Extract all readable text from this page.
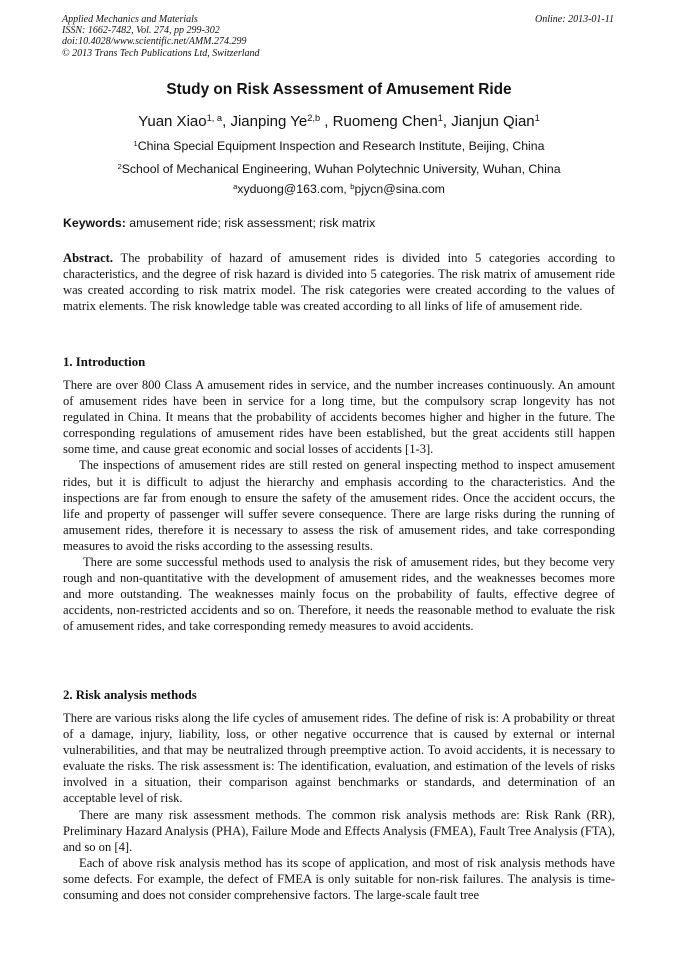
Applied Mechanics and Materials
ISSN: 1662-7482, Vol. 274, pp 299-302
doi:10.4028/www.scientific.net/AMM.274.299
© 2013 Trans Tech Publications Ltd, Switzerland
Online: 2013-01-11
Study on Risk Assessment of Amusement Ride
Yuan Xiao$^{1, a}$, Jianping Ye$^{2,b}$ , Ruomeng Chen$^1$, Jianjun Qian$^1$
$^1$China Special Equipment Inspection and Research Institute, Beijing, China
$^2$School of Mechanical Engineering, Wuhan Polytechnic University, Wuhan, China
$^a$xyduong@163.com, $^b$pjycn@sina.com
Keywords: amusement ride; risk assessment; risk matrix

Abstract. The probability of hazard of amusement rides is divided into 5 categories according to characteristics, and the degree of risk hazard is divided into 5 categories. The risk matrix of amusement ride was created according to risk matrix model. The risk categories were created according to the values of matrix elements. The risk knowledge table was created according to all links of life of amusement ride.

1. Introduction

There are over 800 Class A amusement rides in service, and the number increases continuously. An amount of amusement rides have been in service for a long time, but the compulsory scrap longevity has not regulated in China. It means that the probability of accidents becomes higher and higher in the future. The corresponding regulations of amusement rides have been established, but the great accidents still happen some time, and cause great economic and social losses of accidents [1-3].

The inspections of amusement rides are still rested on general inspecting method to inspect amusement rides, but it is difficult to adjust the hierarchy and emphasis according to the characteristics. And the inspections are far from enough to ensure the safety of the amusement rides. Once the accident occurs, the life and property of passenger will suffer severe consequence. There are large risks during the running of amusement rides, therefore it is necessary to assess the risk of amusement rides, and take corresponding measures to avoid the risks according to the assessing results.

There are some successful methods used to analysis the risk of amusement rides, but they become very rough and non-quantitative with the development of amusement rides, and the weaknesses becomes more and more outstanding. The weaknesses mainly focus on the probability of faults, effective degree of accidents, non-restricted accidents and so on. Therefore, it needs the reasonable method to evaluate the risk of amusement rides, and take corresponding remedy measures to avoid accidents.

2. Risk analysis methods

There are various risks along the life cycles of amusement rides. The define of risk is: A probability or threat of a damage, injury, liability, loss, or other negative occurrence that is caused by external or internal vulnerabilities, and that may be neutralized through preemptive action. To avoid accidents, it is necessary to evaluate the risks. The risk assessment is: The identification, evaluation, and estimation of the levels of risks involved in a situation, their comparison against benchmarks or standards, and determination of an acceptable level of risk.

There are many risk assessment methods. The common risk analysis methods are: Risk Rank (RR), Preliminary Hazard Analysis (PHA), Failure Mode and Effects Analysis (FMEA), Fault Tree Analysis (FTA), and so on [4].

Each of above risk analysis method has its scope of application, and most of risk analysis methods have some defects. For example, the defect of FMEA is only suitable for non-risk failures. The analysis is time-consuming and does not consider comprehensive factors. The large-scale fault tree
